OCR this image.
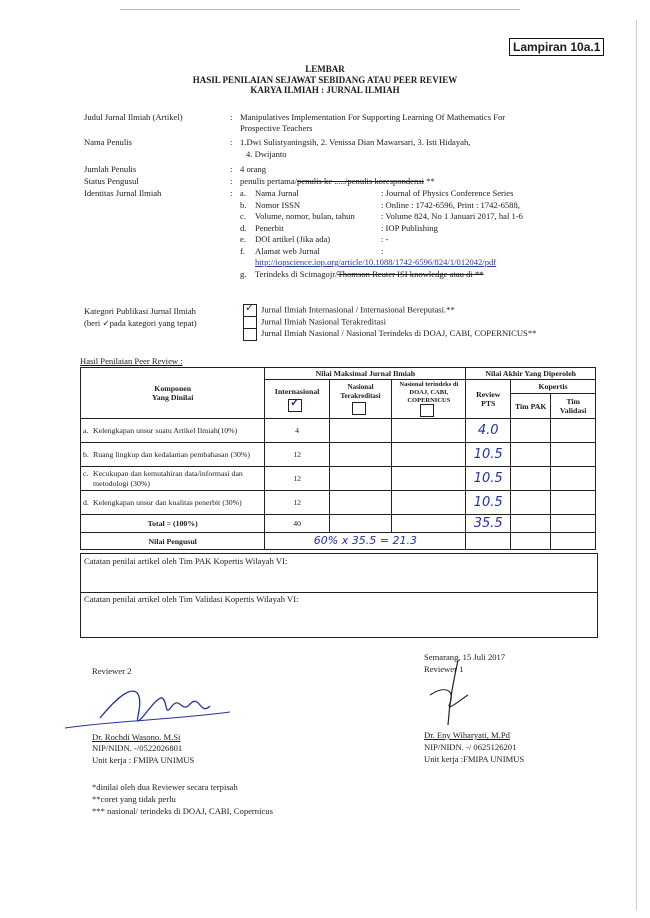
Lampiran 10a.1
LEMBAR
HASIL PENILAIAN SEJAWAT SEBIDANG ATAU PEER REVIEW
KARYA ILMIAH : JURNAL ILMIAH
Judul Jurnal Ilmiah (Artikel)	: Manipulatives Implementation For Supporting Learning Of Mathematics For
Prospective Teachers
Nama Penulis	: 1.Dwi Sulistyaningsih, 2. Venissa Dian Mawarsari, 3. Isti Hidayah,
4. Dwijanto
Jumlah Penulis	: 4 orang
Status Pengusul	: penulis pertama/penulis ke ...../penulis korespondensi **
Identitas Jurnal Ilmiah	: a. Nama Jurnal	: Journal of Physics Conference Series
b. Nomor ISSN	: Online : 1742-6596, Print : 1742-6588,
c. Volume, nomor, bulan, tahun	: Volume 824, No 1 Januari 2017, hal 1-6
d. Penerbit	: IOP Publishing
e. DOI artikel (Jika ada)	: -
f. Alamat web Jurnal	:
http://iopscience.iop.org/article/10.1088/1742-6596/824/1/012042/pdf
g. Terindeks di Scimagojr/Thomson Reuter ISI knowledge atau di **
Kategori Publikasi Jurnal Ilmiah
(beri ✓pada kategori yang tepat)
✓Jurnal Ilmiah Internasional / Internasional Bereputasi.**
Jurnal Ilmiah Nasional Terakreditasi
Jurnal Ilmiah Nasional / Nasional Terindeks di DOAJ, CABI, COPERNICUS**
Hasil Penilaian Peer Review :
Komponen
Yang Dinilai	Nilai Maksimal Jurnal Ilmiah			Nilai Akhir Yang Diperoleh		

	Internasional
✓	Nasional Terakreditasi	Nasional terindeks di DOAJ, CABI, COPERNICUS	Review PTS	Kopertis	
					Tim PAK	Tim Validasi
a. Kelengkapan unsur suatu Artikel Ilmiah(10%)	4			4.0		
b. Ruang lingkup dan kedalaman pembahasan (30%)	12			10.5		
c. Kecukupan dan kemutahiran data/informasi dan metodologi (30%)	12			10.5		
d. Kelengkapan unsur dan kualitas penerbit (30%)	12			10.5		
Total = (100%)	40			35.5		
Nilai Pengusul	60% x 35.5 = 21.3					
Catatan penilai artikel oleh Tim PAK Kopertis Wilayah VI:
Catatan penilai artikel oleh Tim Validasi Kopertis Wilayah VI:
Reviewer 2
Dr. Rochdi Wasono. M.Si
NIP/NIDN. -/0522026801
Unit kerja : FMIPA UNIMUS
Semarang, 15 Juli 2017
Reviewer 1
Dr. Eny Wiharyati, M.Pd
NIP/NIDN. -/ 0625126201
Unit kerja :FMIPA UNIMUS
*dinilai oleh dua Reviewer secara terpisah
**coret yang tidak perlu
*** nasional/ terindeks di DOAJ, CABI, Copernicus
